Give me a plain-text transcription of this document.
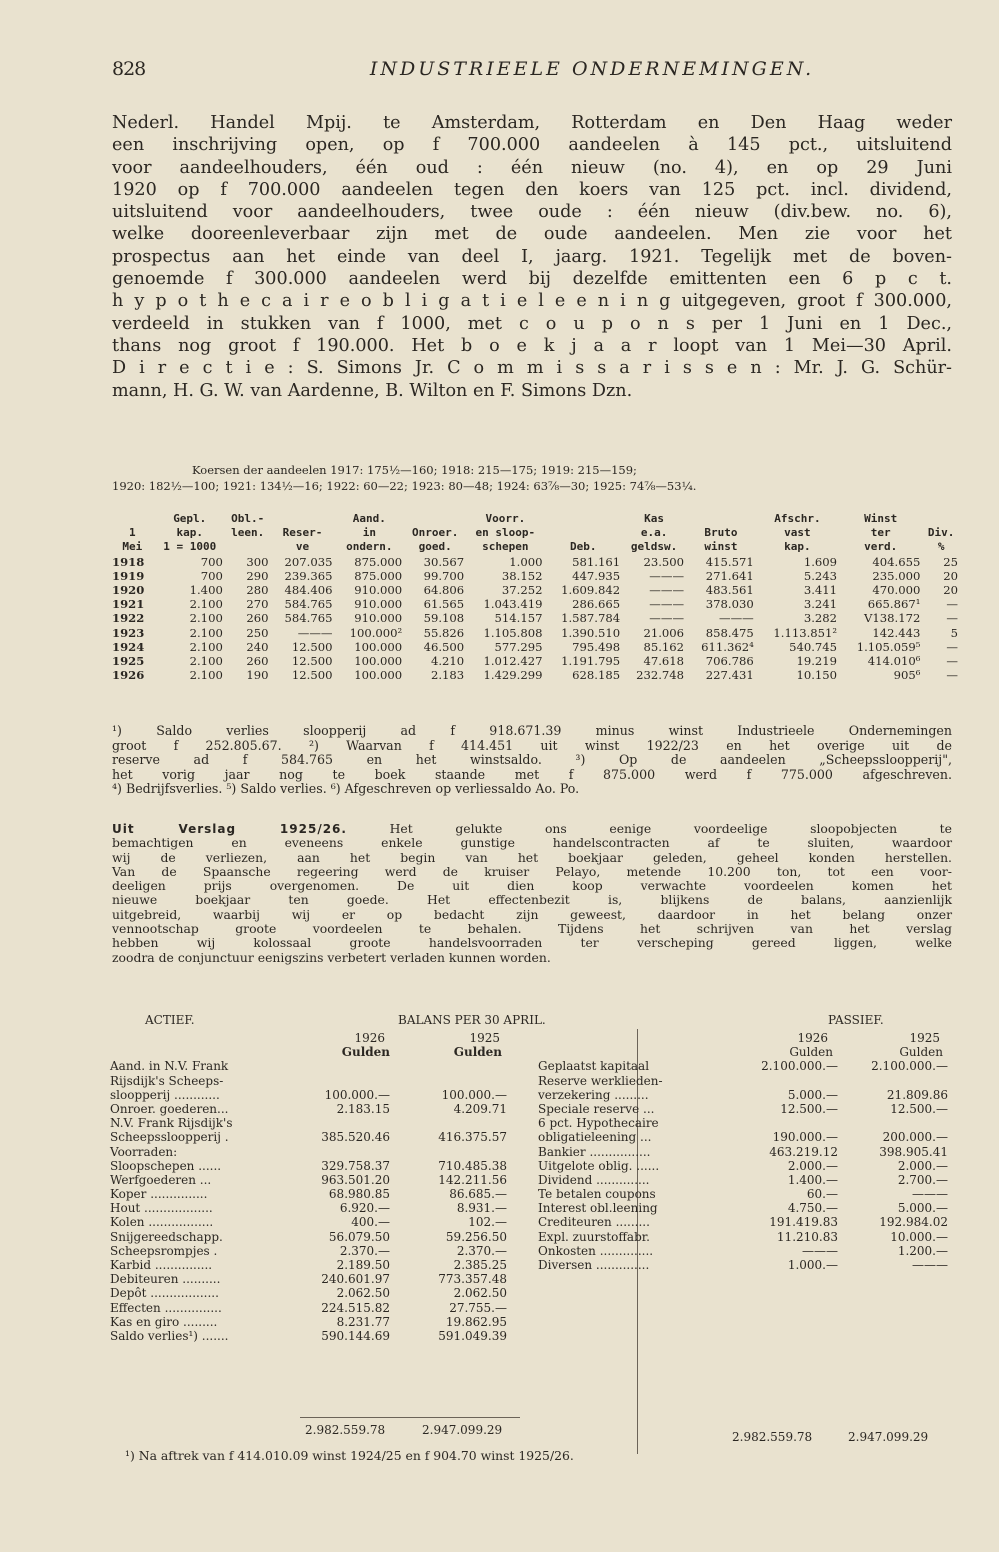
828	INDUSTRIEELE ONDERNEMINGEN.
Nederl. Handel Mpij. te Amsterdam, Rotterdam en Den Haag weder
een inschrijving open, op f 700.000 aandeelen à 145 pct., uitsluitend
voor aandeelhouders, één oud : één nieuw (no. 4), en op 29 Juni
1920 op f 700.000 aandeelen tegen den koers van 125 pct. incl. dividend,
uitsluitend voor aandeelhouders, twee oude : één nieuw (div.bew. no. 6),
welke dooreenleverbaar zijn met de oude aandeelen. Men zie voor het
prospectus aan het einde van deel I, jaarg. 1921. Tegelijk met de boven-
genoemde f 300.000 aandeelen werd bij dezelfde emittenten een 6 p c t.
h y p o t h e c a i r e o b l i g a t i e l e e n i n g uitgegeven, groot f 300.000,
verdeeld in stukken van f 1000, met c o u p o n s per 1 Juni en 1 Dec.,
thans nog groot f 190.000. Het b o e k j a a r loopt van 1 Mei—30 April.
D i r e c t i e : S. Simons Jr. C o m m i s s a r i s s e n : Mr. J. G. Schür-
mann, H. G. W. van Aardenne, B. Wilton en F. Simons Dzn.
Koersen der aandeelen 1917: 175½—160; 1918: 215—175; 1919: 215—159;
1920: 182½—100; 1921: 134½—16; 1922: 60—22; 1923: 80—48; 1924: 63⅞—30; 1925: 74⅞—53¼.
	Gepl.	Obl.-		Aand.		Voorr.		Kas		Afschr.	Winst	
1	kap.	leen.	Reser-	in	Onroer.	en sloop-		e.a.	Bruto	vast	ter	Div.
Mei	1 = 1000		ve	ondern.	goed.	schepen	Deb.	geldsw.	winst	kap.	verd.	%
1918	700	300	207.035	875.000	30.567	1.000	581.161	23.500	415.571	1.609	404.655	25
1919	700	290	239.365	875.000	99.700	38.152	447.935	———	271.641	5.243	235.000	20
1920	1.400	280	484.406	910.000	64.806	37.252	1.609.842	———	483.561	3.411	470.000	20
1921	2.100	270	584.765	910.000	61.565	1.043.419	286.665	———	378.030	3.241	665.867¹	—
1922	2.100	260	584.765	910.000	59.108	514.157	1.587.784	———	———	3.282	V138.172	—
1923	2.100	250	———	100.000²	55.826	1.105.808	1.390.510	21.006	858.475	1.113.851²	142.443	5
1924	2.100	240	12.500	100.000	46.500	577.295	795.498	85.162	611.362⁴	540.745	1.105.059⁵	—
1925	2.100	260	12.500	100.000	4.210	1.012.427	1.191.795	47.618	706.786	19.219	414.010⁶	—
1926	2.100	190	12.500	100.000	2.183	1.429.299	628.185	232.748	227.431	10.150	905⁶	—
¹) Saldo verlies sloopperij ad f 918.671.39 minus winst Industrieele Ondernemingen
groot f 252.805.67. ²) Waarvan f 414.451 uit winst 1922/23 en het overige uit de
reserve ad f 584.765 en het winstsaldo. ³) Op de aandeelen „Scheepssloopperij",
het vorig jaar nog te boek staande met f 875.000 werd f 775.000 afgeschreven.
⁴) Bedrijfsverlies. ⁵) Saldo verlies. ⁶) Afgeschreven op verliessaldo Ao. Po.
Uit Verslag 1925/26.	Het gelukte ons eenige voordeelige sloopobjecten te
bemachtigen en eveneens enkele gunstige handelscontracten af te sluiten, waardoor
wij de verliezen, aan het begin van het boekjaar geleden, geheel konden herstellen.
Van de Spaansche regeering werd de kruiser Pelayo, metende 10.200 ton, tot een voor-
deeligen prijs overgenomen. De uit dien koop verwachte voordeelen komen het
nieuwe boekjaar ten goede. Het effectenbezit is, blijkens de balans, aanzienlijk
uitgebreid, waarbij wij er op bedacht zijn geweest, daardoor in het belang onzer
vennootschap groote voordeelen te behalen. Tijdens het schrijven van het verslag
hebben wij kolossaal groote handelsvoorraden ter verscheping gereed liggen, welke
zoodra de conjunctuur eenigszins verbetert verladen kunnen worden.
ACTIEF.	BALANS PER 30 APRIL.	PASSIEF.
1926	1925
Gulden	Gulden
Aand. in N.V. Frank
Rijsdijk's Scheeps-
sloopperij ............	100.000.—	100.000.—
Onroer. goederen...	2.183.15	4.209.71
N.V. Frank Rijsdijk's
Scheepssloopperij .	385.520.46	416.375.57
Voorraden:
Sloopschepen ......	329.758.37	710.485.38
Werfgoederen ...	963.501.20	142.211.56
Koper ...............	68.980.85	86.685.—
Hout ..................	6.920.—	8.931.—
Kolen .................	400.—	102.—
Snijgereedschapp.	56.079.50	59.256.50
Scheepsrompjes .	2.370.—	2.370.—
Karbid ...............	2.189.50	2.385.25
Debiteuren ..........	240.601.97	773.357.48
Depôt ..................	2.062.50	2.062.50
Effecten ...............	224.515.82	27.755.—
Kas en giro .........	8.231.77	19.862.95
Saldo verlies¹) .......	590.144.69	591.049.39
1926	1925
Gulden	Gulden
Geplaatst kapitaal	2.100.000.—	2.100.000.—
Reserve werklieden-
verzekering .........	5.000.—	21.809.86
Speciale reserve ...	12.500.—	12.500.—
6 pct. Hypothecaire
obligatieleening ...	190.000.—	200.000.—
Bankier ................	463.219.12	398.905.41
Uitgelote oblig. ......	2.000.—	2.000.—
Dividend ..............	1.400.—	2.700.—
Te betalen coupons	60.—	———
Interest obl.leening	4.750.—	5.000.—
Crediteuren .........	191.419.83	192.984.02
Expl. zuurstoffabr.	11.210.83	10.000.—
Onkosten ..............	———	1.200.—
Diversen ..............	1.000.—	———
2.982.559.78	2.947.099.29	2.982.559.78	2.947.099.29
¹) Na aftrek van f 414.010.09 winst 1924/25 en f 904.70 winst 1925/26.
